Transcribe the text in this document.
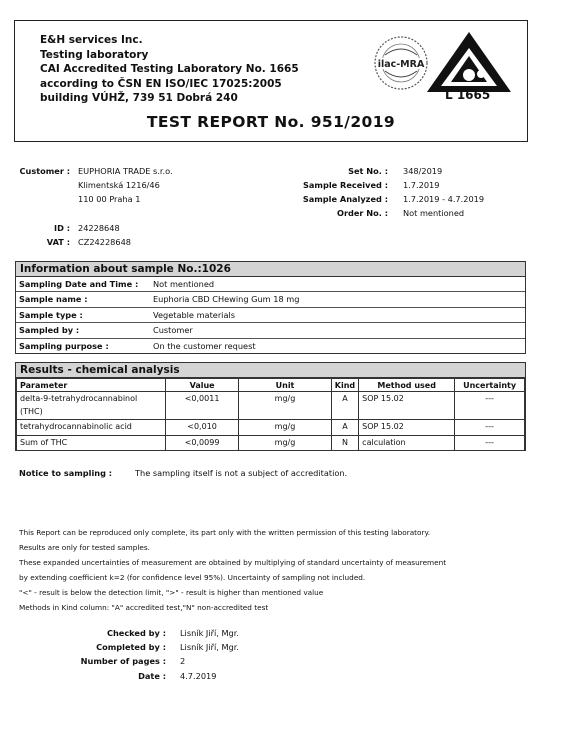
E&H services Inc.
Testing laboratory
CAI Accredited Testing Laboratory No. 1665
according to ČSN EN ISO/IEC 17025:2005
building VÚHŽ, 739 51 Dobrá 240
ilac-MRA
L 1665
TEST REPORT No. 951/2019
Customer : EUPHORIA TRADE s.r.o.
Klimentská 1216/46
110 00 Praha 1
ID : 24228648
VAT : CZ24228648
Set No. : 348/2019
Sample Received : 1.7.2019
Sample Analyzed : 1.7.2019 - 4.7.2019
Order No. : Not mentioned
Information about sample No.:1026
Sampling Date and Time : Not mentioned
Sample name :	Euphoria CBD CHewing Gum 18 mg
Sample type :	Vegetable materials
Sampled by :	Customer
Sampling purpose :	On the customer request
Results - chemical analysis
Parameter	Value	Unit	Kind	Method used	Uncertainty
delta-9-tetrahydrocannabinol (THC)	<0,0011	mg/g	A	SOP 15.02	---
tetrahydrocannabinolic acid	<0,010	mg/g	A	SOP 15.02	---
Sum of THC	<0,0099	mg/g	N	calculation	---
Notice to sampling :	The sampling itself is not a subject of accreditation.
This Report can be reproduced only complete, its part only with the written permission of this testing laboratory.
Results are only for tested samples.
These expanded uncertainties of measurement are obtained by multiplying of standard uncertainty of measurement
by extending coefficient k=2 (for confidence level 95%). Uncertainty of sampling not included.
"<" - result is below the detection limit, ">" - result is higher than mentioned value
Methods in Kind column: "A" accredited test,"N" non-accredited test
Checked by : Lisník Jiří, Mgr.
Completed by : Lisník Jiří, Mgr.
Number of pages : 2
Date : 4.7.2019
